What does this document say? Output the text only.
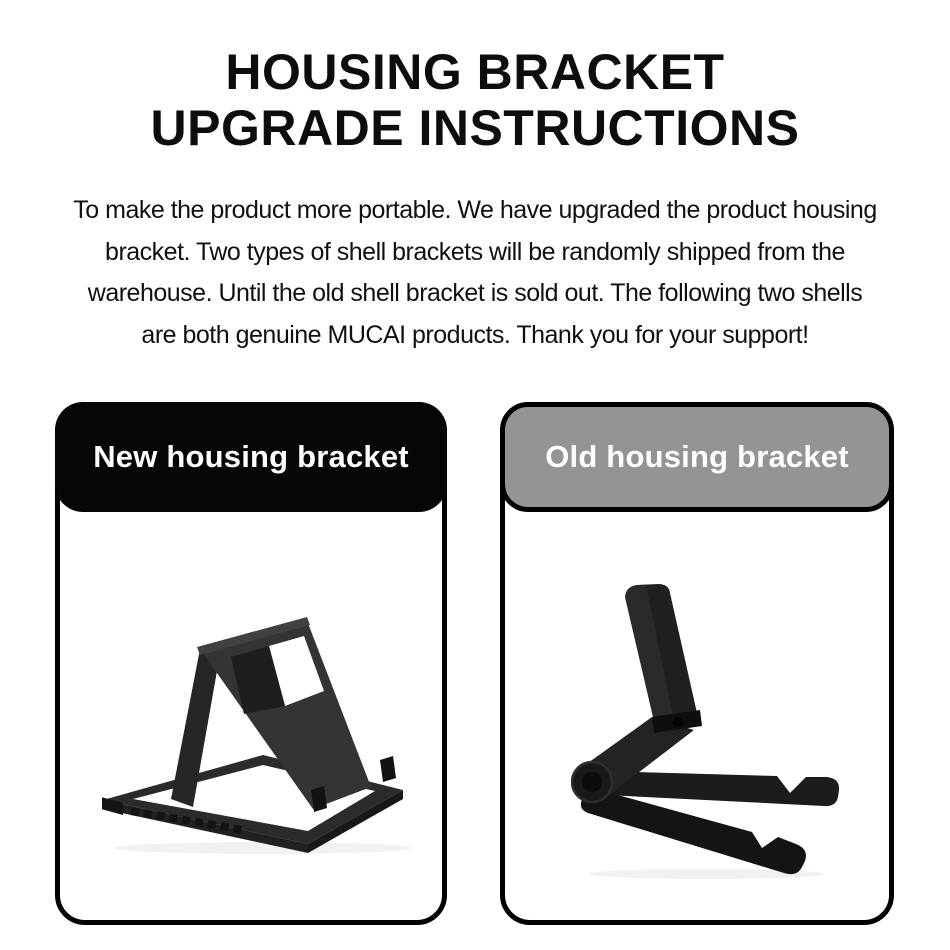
HOUSING BRACKET
UPGRADE INSTRUCTIONS
To make the product more portable. We have upgraded the product housing
bracket. Two types of shell brackets will be randomly shipped from the
warehouse. Until the old shell bracket is sold out. The following two shells
are both genuine MUCAI products. Thank you for your support!
New housing bracket	Old housing bracket
